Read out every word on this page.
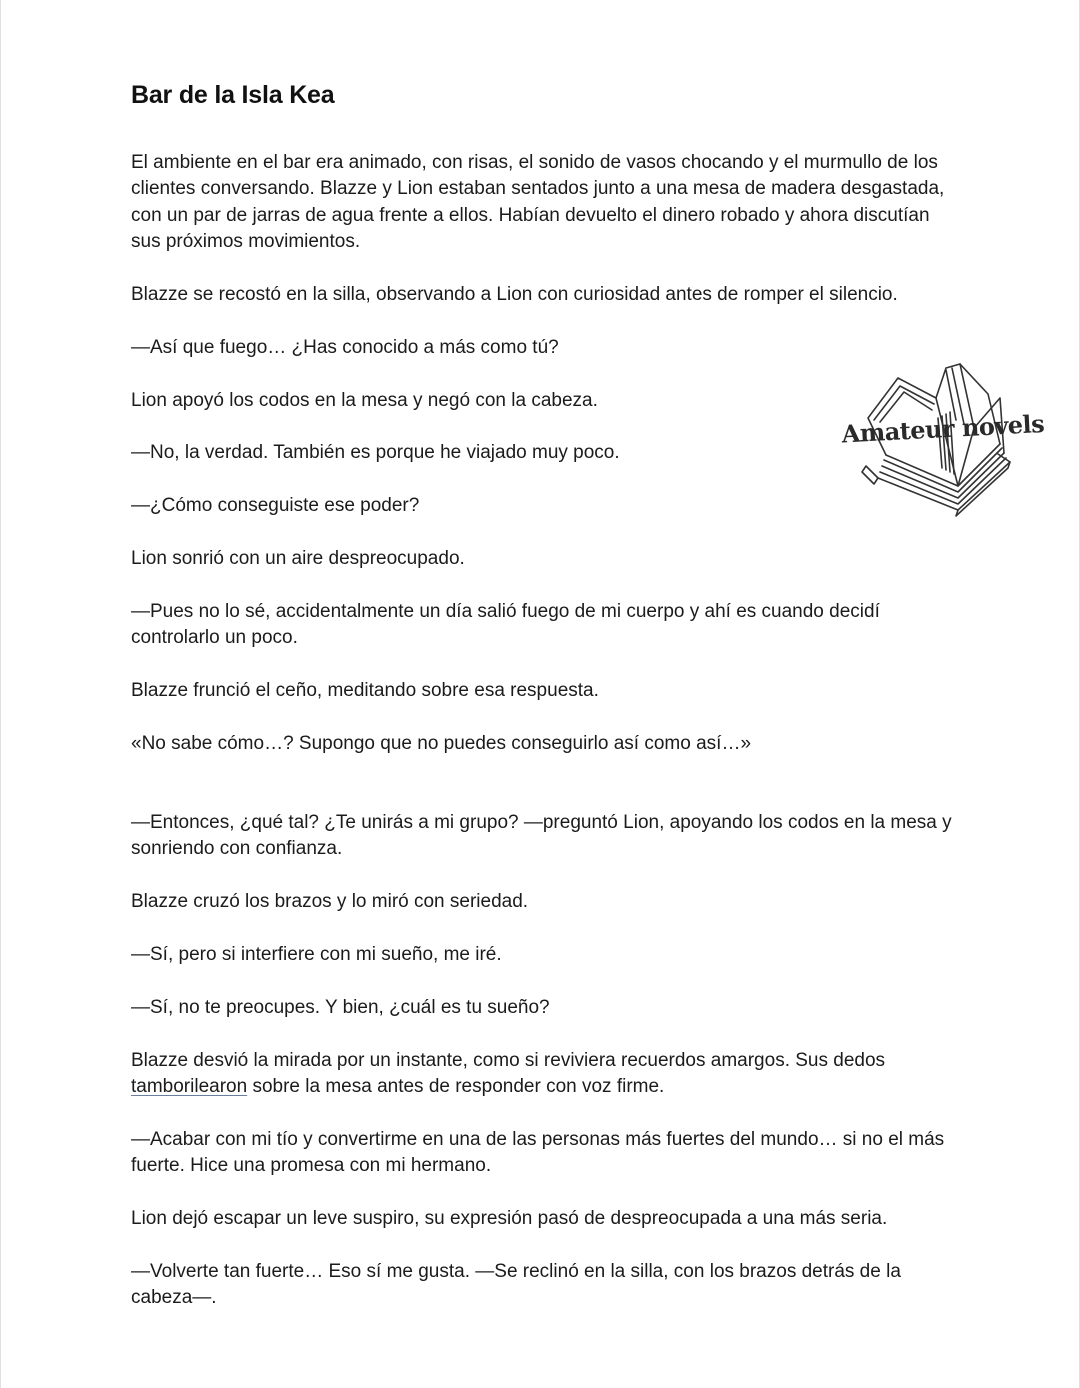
Bar de la Isla Kea

El ambiente en el bar era animado, con risas, el sonido de vasos chocando y el murmullo de los clientes conversando. Blazze y Lion estaban sentados junto a una mesa de madera desgastada, con un par de jarras de agua frente a ellos. Habían devuelto el dinero robado y ahora discutían sus próximos movimientos.

Blazze se recostó en la silla, observando a Lion con curiosidad antes de romper el silencio.

—Así que fuego… ¿Has conocido a más como tú?

Lion apoyó los codos en la mesa y negó con la cabeza.

—No, la verdad. También es porque he viajado muy poco.

—¿Cómo conseguiste ese poder?

Lion sonrió con un aire despreocupado.

—Pues no lo sé, accidentalmente un día salió fuego de mi cuerpo y ahí es cuando decidí controlarlo un poco.

Blazze frunció el ceño, meditando sobre esa respuesta.

«No sabe cómo…? Supongo que no puedes conseguirlo así como así…»

—Entonces, ¿qué tal? ¿Te unirás a mi grupo? —preguntó Lion, apoyando los codos en la mesa y sonriendo con confianza.

Blazze cruzó los brazos y lo miró con seriedad.

—Sí, pero si interfiere con mi sueño, me iré.

—Sí, no te preocupes. Y bien, ¿cuál es tu sueño?

Blazze desvió la mirada por un instante, como si reviviera recuerdos amargos. Sus dedos tamborilearon sobre la mesa antes de responder con voz firme.

—Acabar con mi tío y convertirme en una de las personas más fuertes del mundo… si no el más fuerte. Hice una promesa con mi hermano.

Lion dejó escapar un leve suspiro, su expresión pasó de despreocupada a una más seria.

—Volverte tan fuerte… Eso sí me gusta. —Se reclinó en la silla, con los brazos detrás de la cabeza—.

Amateur novels
